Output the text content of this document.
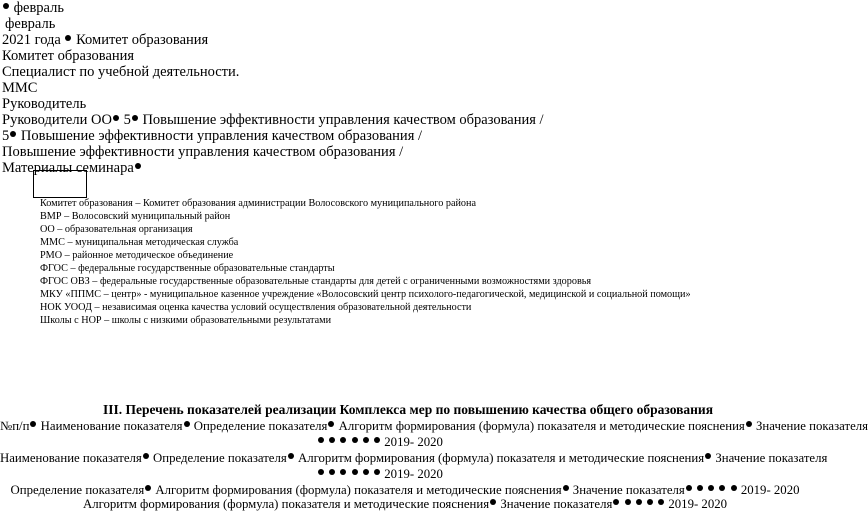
февраль
февраль
2021 года Комитет образования
Комитет образования
Специалист по учебной деятельности.
ММС
Руководитель
Руководители ОО 5 Повышение эффективности управления качеством образования /
5 Повышение эффективности управления качеством образования /
Повышение эффективности управления качеством образования /
Материалы семинара
Комитет образования – Комитет образования администрации Волосовского муниципального района
ВМР – Волосовский муниципальный район
ОО – образовательная организация
ММС – муниципальная методическая служба
РМО – районное методическое объединение
ФГОС – федеральные государственные образовательные стандарты
ФГОС ОВЗ – федеральные государственные образовательные стандарты для детей с ограниченными возможностями здоровья
МКУ «ППМС – центр» - муниципальное казенное учреждение «Волосовский центр психолого-педагогической, медицинской и социальной помощи»
НОК УООД – независимая оценка качества условий осуществления образовательной деятельности
Школы с НОР – школы с низкими образовательными результатами
III. Перечень показателей реализации Комплекса мер по повышению качества общего образования
№п/п Наименование показателя Определение показателя Алгоритм формирования (формула) показателя и методические пояснения Значение показателя
2019- 2020
Наименование показателя Определение показателя Алгоритм формирования (формула) показателя и методические пояснения Значение показателя
2019- 2020
Определение показателя Алгоритм формирования (формула) показателя и методические пояснения Значение показателя	2019- 2020
Алгоритм формирования (формула) показателя и методические пояснения Значение показателя	2019- 2020
